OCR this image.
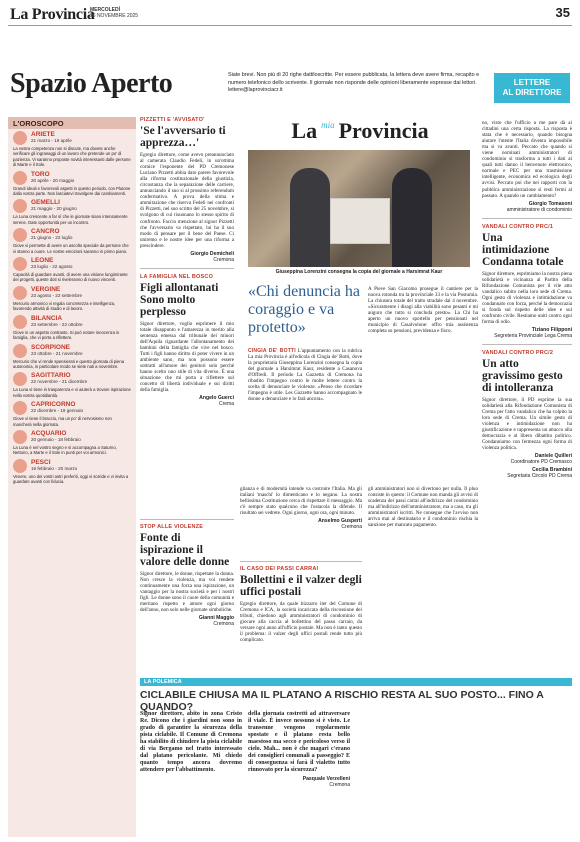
La Provincia
MERCOLEDÌ
26 NOVEMBRE 2025	35
Spazio Aperto	Siate brevi. Non più di 20 righe dattiloscritte. Per essere pubblicata, la lettera deve avere firma, recapito e numero telefonico dello scrivente. Il giornale non risponde delle opinioni liberamente espresse dai lettori. lettere@laprovinciacr.it
LETTERE
AL DIRETTORE
L'OROSCOPO
ARIETE
21 marzo - 19 aprile
La vostra competenza non si discute, ma dovete anche verificare gli ingranaggi di un lavoro che pretende un po' di pazienza. Vi saranno proposte novità interessanti dalle persone di Marte e il Sole.
TORO
20 aprile - 20 maggio
Grandi ideali e favorevoli aspetti in questo periodo, con Plutone dalla vostra parte. Non lasciatevi travolgere dai cambiamenti.
GEMELLI
21 maggio - 20 giugno
La Luna crescente a far sì che le giornate siano intensamente serene. Date opportunità per un incontro.
CANCRO
21 giugno - 22 luglio
Giove vi permette di avere un ascolto speciale da persone che vi stanno a cuore. Le vostre emozioni saranno in primo piano.
LEONE
23 luglio - 22 agosto
Capacità di guardare avanti, di avere una visione lungimirante dei progetti, queste doti si riveleranno di nuovo vincenti.
VERGINE
23 agosto - 22 settembre
Mercurio armonico vi regala concretezza e intelligenza, favorendo attività di studio e di lavoro.
BILANCIA
23 settembre - 22 ottobre
Giove in un aspetto contrasto. Si può notare innocenza in famiglia, che vi porta a riflettere.
SCORPIONE
23 ottobre - 21 novembre
Mercurio che vi rende spensierati e questo giornata di piena autonomia, in particolare modo se siete nati a novembre.
SAGITTARIO
22 novembre - 21 dicembre
La Luna vi tiene in trasparenza e vi aiuterà a trovare ispirazione nella vostra quotidianità.
CAPRICORNO
22 dicembre - 19 gennaio
Giove vi tiene il braccio, ma un po' di nervosismo non mancherà nella giornata.
ACQUARIO
20 gennaio - 18 febbraio
La Luna è nel vostro segno e si accompagna a Saturno, Nettuno, a Marte e il Sole in punti per voi armonici.
PESCI
19 febbraio - 20 marzo
Venere, uno dei vostri astri preferiti, oggi vi sorride e vi invita a guardare avanti con fiducia.
PIZZETTI E 'AVVISATO'
'Se l'avversario ti apprezza…'
Egregio direttore, come avevo preannunciato al camerata Claudio Fedeli, in un'ottima cornice l'esponente del PD Cremonese Luciano Pizzetti abbia dato parere favorevole alla riforma costituzionale della giustizia, circostanza che la separazione delle carriere, annunciando il suo sì al prossimo referendum confermativo. A prova della stima e ammirazione che riserva Fedeli nei confronti di Pizzetti, nel suo scritto del 25 novembre, si svolgono di cui risuonano lo stesso spirito di confronto. Faccio menzione al signor Pizzetti che l'avversario va rispettato, lui ha il suo modo di pensare per il bene del Paese. Ci uniremo e le nostre idee per una riforma a prescindere.
Giorgio Demicheli
Cremona
LA FAMIGLIA NEL BOSCO
Figli allontanati Sono molto perplesso
Signor direttore, voglio esprimere il mio totale disappunto e l'amarezza in merito alla sentenza emessa dal tribunale dei minori dell'Aquila riguardante l'allontanamento dei bambini della famiglia che vive nel bosco. Tutti i figli hanno diritto di poter vivere in un ambiente sano, ma non possono essere sottratti all'amore dei genitori solo perché hanno scelto uno stile di vita diverso. È una situazione che mi porta a riflettere sul concetto di libertà individuale e sui diritti della famiglia.
Angelo Guerci
Crema
STOP ALLE VIOLENZE
Fonte di ispirazione il valore delle donne
Signor direttore, le donne, rispettate la donna. Non cresce la violenza, ma voi rendete continuamente una forza una ispirazione, un vantaggio per la nostra società e per i nostri figli. Le donne sono il cuore della comunità e meritano rispetto e amore ogni giorno dell'anno, non solo nelle giornate simboliche.
Gianni Maggio
Cremona
La $^{mia}$ Provincia
Giuseppina Lorenzini consegna la copia del giornale a Harsimrat Kaur
«Chi denuncia ha coraggio e va protetto»
CINGIA DE' BOTTI L'appuntamento con la rubrica La mia Provincia è all'edicola di Cingia de' Botti, dove la proprietaria Giuseppina Lorenzini consegna la copia del giornale a Harsimrat Kaur, residente a Casanova d'Offredi. Il periodo La Gazzetta di Cremona ha ribadito l'impegno contro le molte lettere contro la scelta di denunciare le violenze. «Penso che ricordare l'impegno è utile. Les Gazzette hanno accompagnato le donne a denunciare e lo farà ancora».
A Pieve San Giacomo prosegue il cantiere per la nuova rotonda tra la provinciale 33 e la via Postumia. La chiusura totale del tratto stradale dal 4 novembre. «Sicuramente i disagi alla viabilità sono pesanti e mi auguro che tutto si concluda presto». La Chi ha aperto un nuovo sportello per pensionati nel municipio di Casalvolone: offro mia assistenza completa su pensioni, previdenza e fisco.
glianza e di modernità intende va costruire l'Italia. Ma gli italiani 'maschi' lo dimenticano e lo negano. La nostra bellissima Costituzione cerca di rispettare il messaggio. Ma c'è sempre stato qualcuno che l'ostacola la difende. Il risultato sei vedrete. Ogni giorno, ogni ora, ogni minuto.
Anselmo Gusperti
Cremona
IL CASO DEI PASSI CARRAI
Bollettini e il valzer degli uffici postali
Egregio direttore, da quale bizzarro iter del Comune di Cremona e ICA, la società incaricata della riscossione dei tributi, chiedono agli amministratori di condominio di giocare alla caccia al bollettino del passo carraio, da versare ogni anno all'ufficio postale. Ma non è tanto questo il problema: il valzer degli uffici postali rende tutto più complicato.
gli amministratori non si divertono per nulla. Il pluo consiste in questo: il Comune non manda gli avvisi di scadenza dei passi carrai all'indirizzo del condominio ma all'indirizzo dell'amministratore, ma a caso, tra gli amministratori iscritti. Ne consegue che l'avviso non arriva mai al destinatario e il condominio rischia la sanzione per mancato pagamento.
no, visto che l'ufficio a me pare dà ai cittadini una certa risposta. La risposta è stata che è necessario, quando bisogna aiutare l'utente l'Italia diventa impossibile ma si va avanti. Peccato che quando si viene nominati amministratori di condominio si trasforma a tutti i dati ai quali tutti danno il benvenuto elettronico, normale e PEC per una trasmissione intelligente, economica ed ecologica degli avvisi. Peccato poi che nei rapporti con la pubblica amministrazione si resti fermi al passato. A quando un cambiamento?
Giorgio Tomasoni
amministratore di condominio
VANDALI CONTRO PRC/1
Una intimidazione Condanna totale
Signor direttore, esprimiamo la nostra piena solidarietà e vicinanza al Partito della Rifondazione Comunista per il vile atto vandalico subito nella loro sede di Crema. Ogni gesto di violenza e intimidazione va condannato con forza, perché la democrazia si fonda sul rispetto delle idee e sul confronto civile. Restiamo uniti contro ogni forma di odio.
Tiziano Filipponi
Segreteria Provinciale Lega Crema
VANDALI CONTRO PRC/2
Un atto gravissimo gesto di intolleranza
Signor direttore, il PD esprime la sua solidarietà alla Rifondazione Comunista di Crema per l'atto vandalico che ha colpito la loro sede di Crema. Un simile gesto di violenza e intimidazione non ha giustificazione e rappresenta un attacco alla democrazia e al libero dibattito politico. Condanniamo con fermezza ogni forma di violenza politica.
Daniele Quilleri
Coordinatore PD Cremasco
Cecilia Brambini
Segretaria Circolo PD Crema
LA POLEMICA
CICLABILE CHIUSA MA IL PLATANO A RISCHIO RESTA AL SUO POSTO... FINO A QUANDO?
Signor direttore, abito in zona Cristo Re. Dicono che i giardini non sono in grado di garantire la sicurezza della pista ciclabile. Il Comune di Cremona ha stabilito di chiudere la pista ciclabile di via Bergamo nel tratto interessato dal platano pericolante. Mi chiedo quanto tempo ancora dovremo attendere per l'abbattimento.
della giornata costretti ad attraversare il viale. È invece nessuno si è visto. Le transenne vengono regolarmente spostate e il platano resta bello maestoso ma secco e pericoloso verso il cielo. Mah... non è che magari c'erano dei consiglieri comunali a passeggio? E di conseguenza si farà il vialetto tutto rinnovato per la sicurezza?
Pasquale Verzelleni
Cremona
